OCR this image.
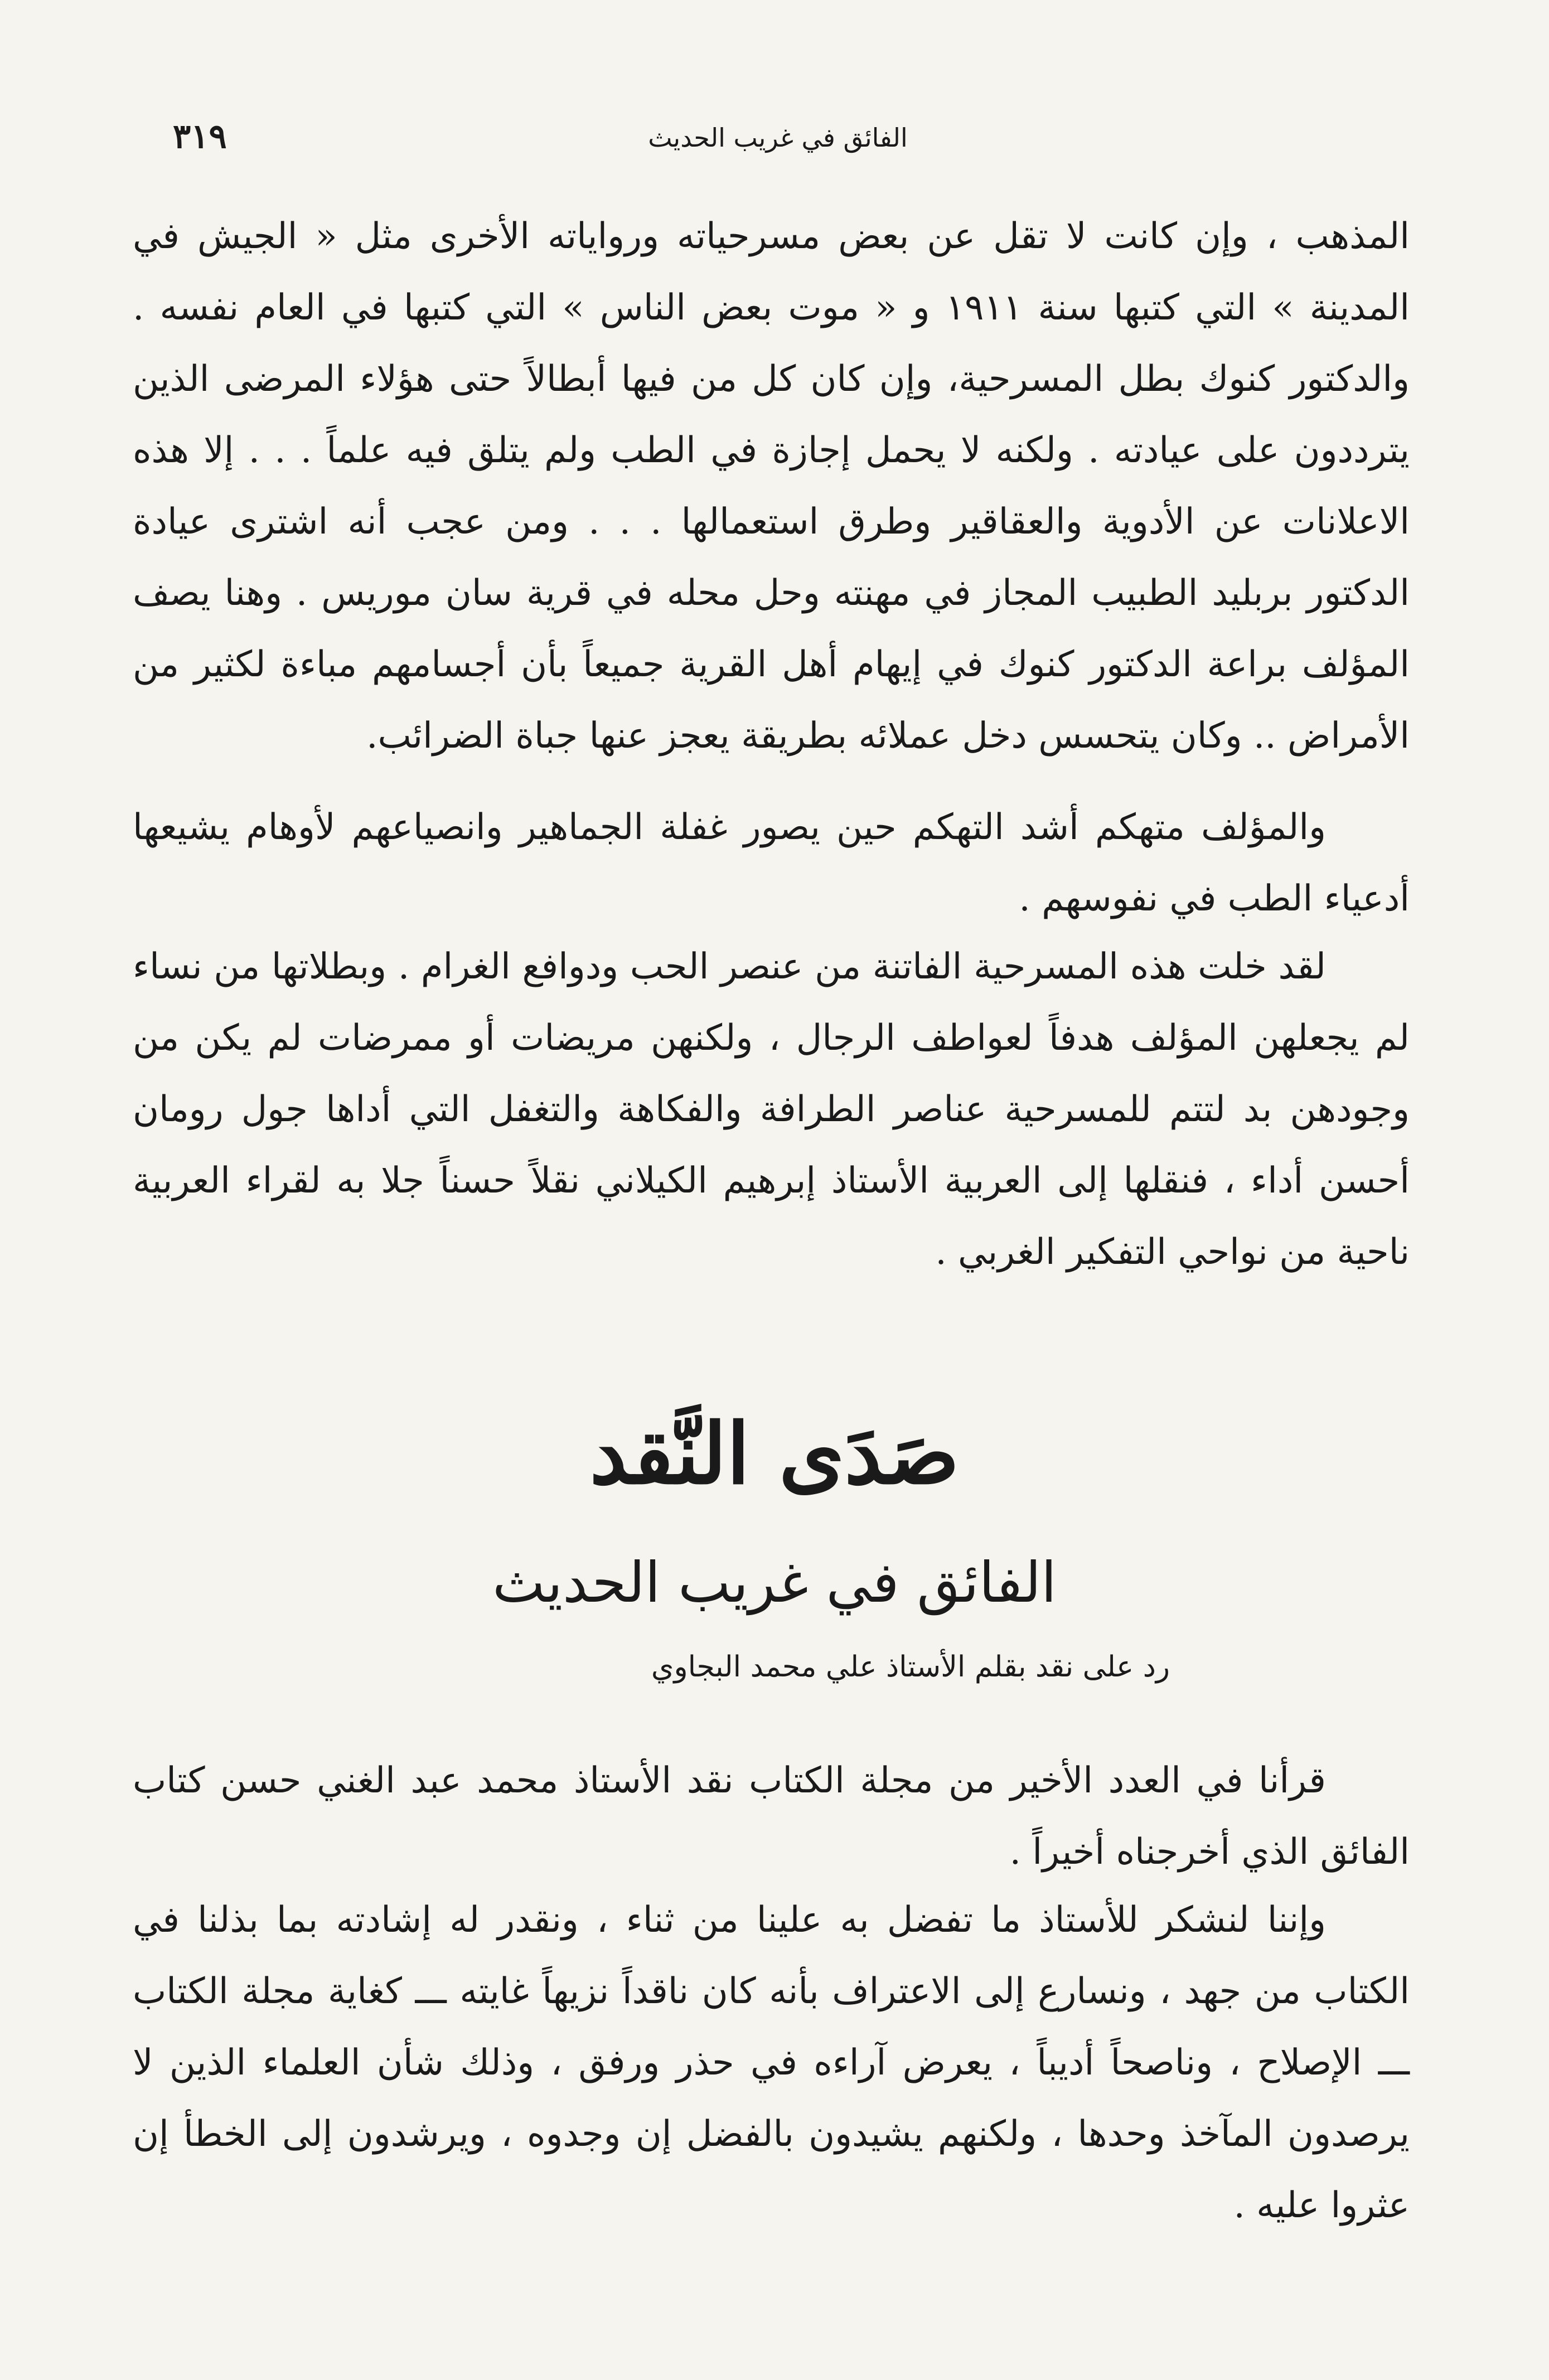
الفائق في غريب الحديث
٣١٩

المذهب ، وإن كانت لا تقل عن بعض مسرحياته وروایاته الأخرى مثل « الجيش في المدينة » التي كتبها سنة ١٩١١ و « موت بعض الناس » التي كتبها في العام نفسه . والدكتور كنوك بطل المسرحية، وإن كان كل من فيها أبطالاً حتى هؤلاء المرضى الذين يترددون على عيادته . ولكنه لا يحمل إجازة في الطب ولم يتلق فيه علماً . . . إلا هذه الاعلانات عن الأدوية والعقاقير وطرق استعمالها . . . ومن عجب أنه اشترى عيادة الدكتور بربليد الطبيب المجاز في مهنته وحل محله في قرية سان موريس . وهنا يصف المؤلف براعة الدكتور كنوك في إيهام أهل القرية جميعاً بأن أجسامهم مباءة لكثير من الأمراض .. وكان يتحسس دخل عملائه بطريقة يعجز عنها جباة الضرائب.

والمؤلف متهكم أشد التهكم حين يصور غفلة الجماهير وانصياعهم لأوهام يشيعها أدعياء الطب في نفوسهم .

لقد خلت هذه المسرحية الفاتنة من عنصر الحب ودوافع الغرام . وبطلاتها من نساء لم يجعلهن المؤلف هدفاً لعواطف الرجال ، ولكنهن مريضات أو ممرضات لم يكن من وجودهن بد لتتم للمسرحية عناصر الطرافة والفكاهة والتغفل التي أداها جول رومان أحسن أداء ، فنقلها إلى العربية الأستاذ إبرهيم الكيلاني نقلاً حسناً جلا به لقراء العربية ناحية من نواحي التفكير الغربي .

صَدَى النَّقد
الفائق في غريب الحديث
رد على نقد بقلم الأستاذ علي محمد البجاوي

قرأنا في العدد الأخير من مجلة الكتاب نقد الأستاذ محمد عبد الغني حسن كتاب الفائق الذي أخرجناه أخيراً .

وإننا لنشكر للأستاذ ما تفضل به علينا من ثناء ، ونقدر له إشادته بما بذلنا في الكتاب من جهد ، ونسارع إلى الاعتراف بأنه كان ناقداً نزيهاً غايته ـــ كغاية مجلة الكتاب ـــ الإصلاح ، وناصحاً أديباً ، يعرض آراءه في حذر ورفق ، وذلك شأن العلماء الذين لا يرصدون المآخذ وحدها ، ولكنهم يشيدون بالفضل إن وجدوه ، ويرشدون إلى الخطأ إن عثروا عليه .
